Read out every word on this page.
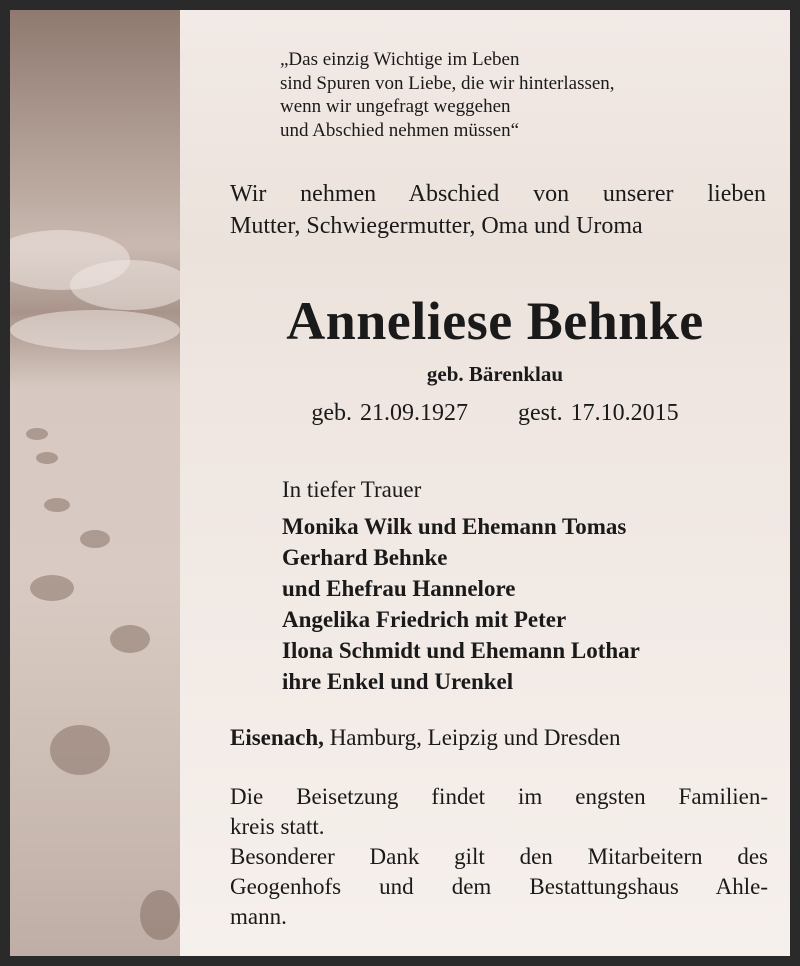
„Das einzig Wichtige im Leben
sind Spuren von Liebe, die wir hinterlassen,
wenn wir ungefragt weggehen
und Abschied nehmen müssen“
Wir nehmen Abschied von unserer lieben
Mutter, Schwiegermutter, Oma und Uroma
Anneliese Behnke
geb. Bärenklau
geb. 21.09.1927 gest. 17.10.2015
In tiefer Trauer
Monika Wilk und Ehemann Tomas
Gerhard Behnke
und Ehefrau Hannelore
Angelika Friedrich mit Peter
Ilona Schmidt und Ehemann Lothar
ihre Enkel und Urenkel
Eisenach, Hamburg, Leipzig und Dresden
Die Beisetzung findet im engsten Familien-
kreis statt.
Besonderer Dank gilt den Mitarbeitern des
Geogenhofs und dem Bestattungshaus Ahle-
mann.
